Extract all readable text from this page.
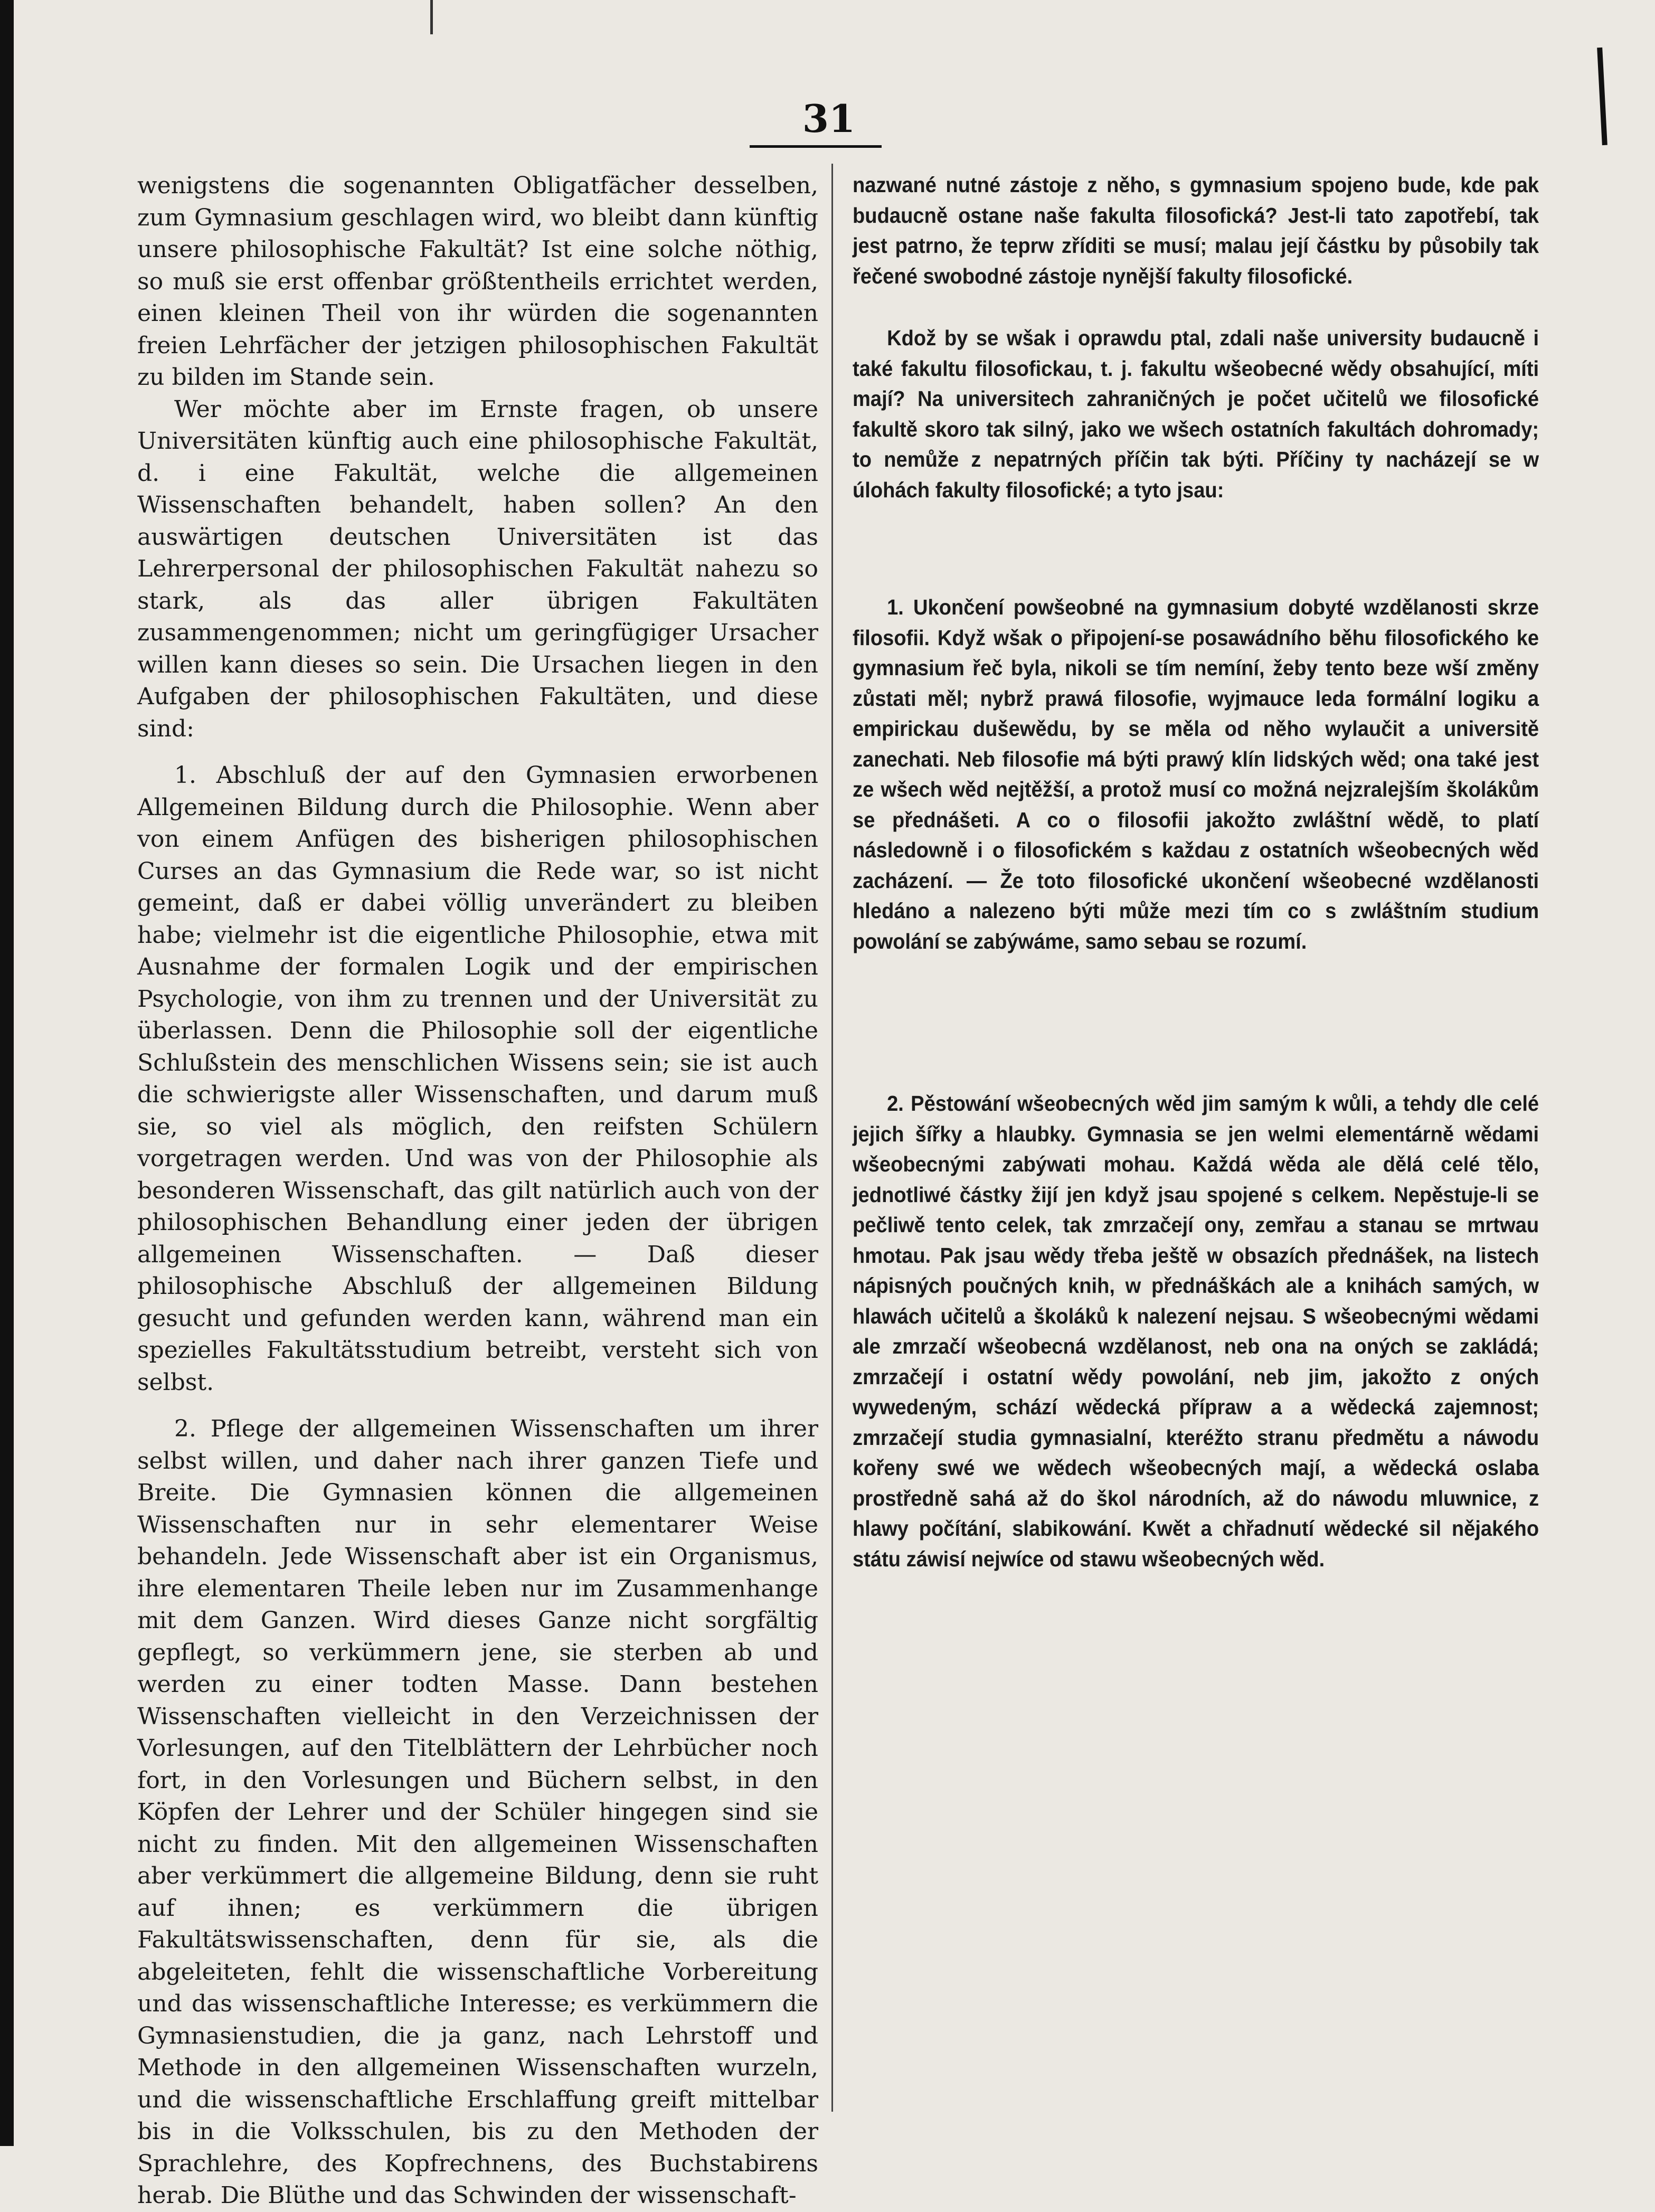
31

wenigstens die sogenannten Obligatfächer desselben, zum Gymnasium geschlagen wird, wo bleibt dann künftig unsere philosophische Fakultät? Ist eine solche nöthig, so muß sie erst offenbar größtentheils errichtet werden, einen kleinen Theil von ihr würden die sogenannten freien Lehrfächer der jetzigen philosophischen Fakultät zu bilden im Stande sein.

Wer möchte aber im Ernste fragen, ob unsere Universitäten künftig auch eine philosophische Fakultät, d. i eine Fakultät, welche die allgemeinen Wissenschaften behandelt, haben sollen? An den auswärtigen deutschen Universitäten ist das Lehrerpersonal der philosophischen Fakultät nahezu so stark, als das aller übrigen Fakultäten zusammengenommen; nicht um geringfügiger Ursacher willen kann dieses so sein. Die Ursachen liegen in den Aufgaben der philosophischen Fakultäten, und diese sind:

1. Abschluß der auf den Gymnasien erworbenen Allgemeinen Bildung durch die Philosophie. Wenn aber von einem Anfügen des bisherigen philosophischen Curses an das Gymnasium die Rede war, so ist nicht gemeint, daß er dabei völlig unverändert zu bleiben habe; vielmehr ist die eigentliche Philosophie, etwa mit Ausnahme der formalen Logik und der empirischen Psychologie, von ihm zu trennen und der Universität zu überlassen. Denn die Philosophie soll der eigentliche Schlußstein des menschlichen Wissens sein; sie ist auch die schwierigste aller Wissenschaften, und darum muß sie, so viel als möglich, den reifsten Schülern vorgetragen werden. Und was von der Philosophie als besonderen Wissenschaft, das gilt natürlich auch von der philosophischen Behandlung einer jeden der übrigen allgemeinen Wissenschaften. — Daß dieser philosophische Abschluß der allgemeinen Bildung gesucht und gefunden werden kann, während man ein spezielles Fakultätsstudium betreibt, versteht sich von selbst.

2. Pflege der allgemeinen Wissenschaften um ihrer selbst willen, und daher nach ihrer ganzen Tiefe und Breite. Die Gymnasien können die allgemeinen Wissenschaften nur in sehr elementarer Weise behandeln. Jede Wissenschaft aber ist ein Organismus, ihre elementaren Theile leben nur im Zusammenhange mit dem Ganzen. Wird dieses Ganze nicht sorgfältig gepflegt, so verkümmern jene, sie sterben ab und werden zu einer todten Masse. Dann bestehen Wissenschaften vielleicht in den Verzeichnissen der Vorlesungen, auf den Titelblättern der Lehrbücher noch fort, in den Vorlesungen und Büchern selbst, in den Köpfen der Lehrer und der Schüler hingegen sind sie nicht zu finden. Mit den allgemeinen Wissenschaften aber verkümmert die allgemeine Bildung, denn sie ruht auf ihnen; es verkümmern die übrigen Fakultätswissenschaften, denn für sie, als die abgeleiteten, fehlt die wissenschaftliche Vorbereitung und das wissenschaftliche Interesse; es verkümmern die Gymnasienstudien, die ja ganz, nach Lehrstoff und Methode in den allgemeinen Wissenschaften wurzeln, und die wissenschaftliche Erschlaffung greift mittelbar bis in die Volksschulen, bis zu den Methoden der Sprachlehre, des Kopfrechnens, des Buchstabirens herab. Die Blüthe und das Schwinden der wissenschaft-

nazwané nutné zástoje z něho, s gymnasium spojeno bude, kde pak budaucně ostane naše fakulta filosofická? Jest-li tato zapotřebí, tak jest patrno, že teprw zříditi se musí; malau její částku by působily tak řečené swobodné zástoje nynější fakulty filosofické.

Kdož by se wšak i oprawdu ptal, zdali naše university budaucně i také fakultu filosofickau, t. j. fakultu wšeobecné wědy obsahující, míti mají? Na universitech zahraničných je počet učitelů we filosofické fakultě skoro tak silný, jako we wšech ostatních fakultách dohromady; to nemůže z nepatrných příčin tak býti. Příčiny ty nacházejí se w úlohách fakulty filosofické; a tyto jsau:

1. Ukončení powšeobné na gymnasium dobyté wzdělanosti skrze filosofii. Když wšak o připojení-se posawádního běhu filosofického ke gymnasium řeč byla, nikoli se tím nemíní, žeby tento beze wší změny zůstati měl; nybrž prawá filosofie, wyjmauce leda formální logiku a empirickau dušewědu, by se měla od něho wylaučit a universitě zanechati. Neb filosofie má býti prawý klín lidských wěd; ona také jest ze wšech wěd nejtěžší, a protož musí co možná nejzralejším školákům se přednášeti. A co o filosofii jakožto zwláštní wědě, to platí následowně i o filosofickém s každau z ostatních wšeobecných wěd zacházení. — Že toto filosofické ukončení wšeobecné wzdělanosti hledáno a nalezeno býti může mezi tím co s zwláštním studium powolání se zabýwáme, samo sebau se rozumí.

2. Pěstowání wšeobecných wěd jim samým k wůli, a tehdy dle celé jejich šířky a hlaubky. Gymnasia se jen welmi elementárně wědami wšeobecnými zabýwati mohau. Každá wěda ale dělá celé tělo, jednotliwé částky žijí jen když jsau spojené s celkem. Nepěstuje-li se pečliwě tento celek, tak zmrzačejí ony, zemřau a stanau se mrtwau hmotau. Pak jsau wědy třeba ještě w obsazích přednášek, na listech nápisných poučných knih, w přednáškách ale a knihách samých, w hlawách učitelů a školáků k nalezení nejsau. S wšeobecnými wědami ale zmrzačí wšeobecná wzdělanost, neb ona na oných se zakládá; zmrzačejí i ostatní wědy powolání, neb jim, jakožto z oných wywedeným, schází wědecká přípraw a a wědecká zajemnost; zmrzačejí studia gymnasialní, kteréžto stranu předmětu a náwodu kořeny swé we wědech wšeobecných mají, a wědecká oslaba prostředně sahá až do škol národních, až do náwodu mluwnice, z hlawy počítání, slabikowání. Kwět a chřadnutí wědecké sil nějakého státu záwisí nejwíce od stawu wšeobecných wěd.
